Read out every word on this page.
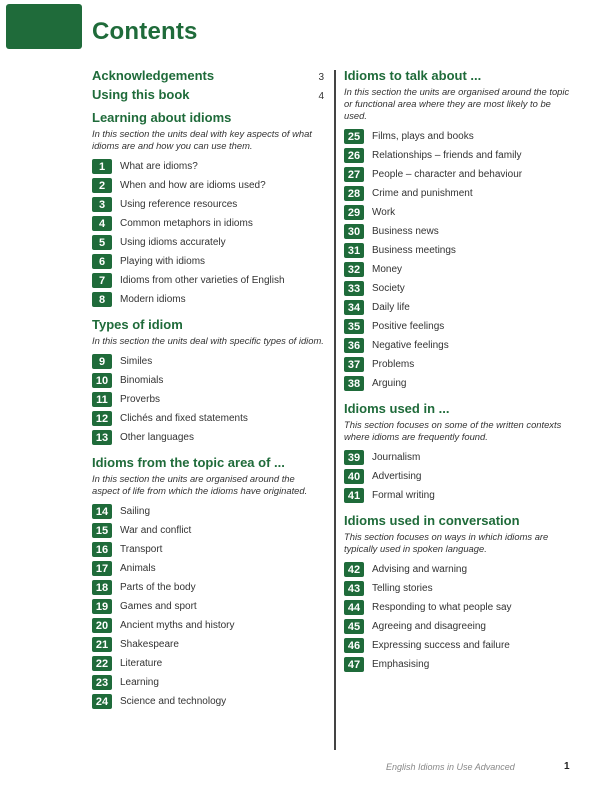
Contents
Acknowledgements	3
Using this book	4
Learning about idioms
In this section the units deal with key aspects of what idioms are and how you can use them.
1	What are idioms?
2	When and how are idioms used?
3	Using reference resources
4	Common metaphors in idioms
5	Using idioms accurately
6	Playing with idioms
7	Idioms from other varieties of English
8	Modern idioms
Types of idiom
In this section the units deal with specific types of idiom.
9	Similes
10	Binomials
11	Proverbs
12	Clichés and fixed statements
13	Other languages
Idioms from the topic area of ...
In this section the units are organised around the aspect of life from which the idioms have originated.
14	Sailing
15	War and conflict
16	Transport
17	Animals
18	Parts of the body
19	Games and sport
20	Ancient myths and history
21	Shakespeare
22	Literature
23	Learning
24	Science and technology
Idioms to talk about ...
In this section the units are organised around the topic or functional area where they are most likely to be used.
25	Films, plays and books
26	Relationships – friends and family
27	People – character and behaviour
28	Crime and punishment
29	Work
30	Business news
31	Business meetings
32	Money
33	Society
34	Daily life
35	Positive feelings
36	Negative feelings
37	Problems
38	Arguing
Idioms used in ...
This section focuses on some of the written contexts where idioms are frequently found.
39	Journalism
40	Advertising
41	Formal writing
Idioms used in conversation
This section focuses on ways in which idioms are typically used in spoken language.
42	Advising and warning
43	Telling stories
44	Responding to what people say
45	Agreeing and disagreeing
46	Expressing success and failure
47	Emphasising
English Idioms in Use Advanced	1
